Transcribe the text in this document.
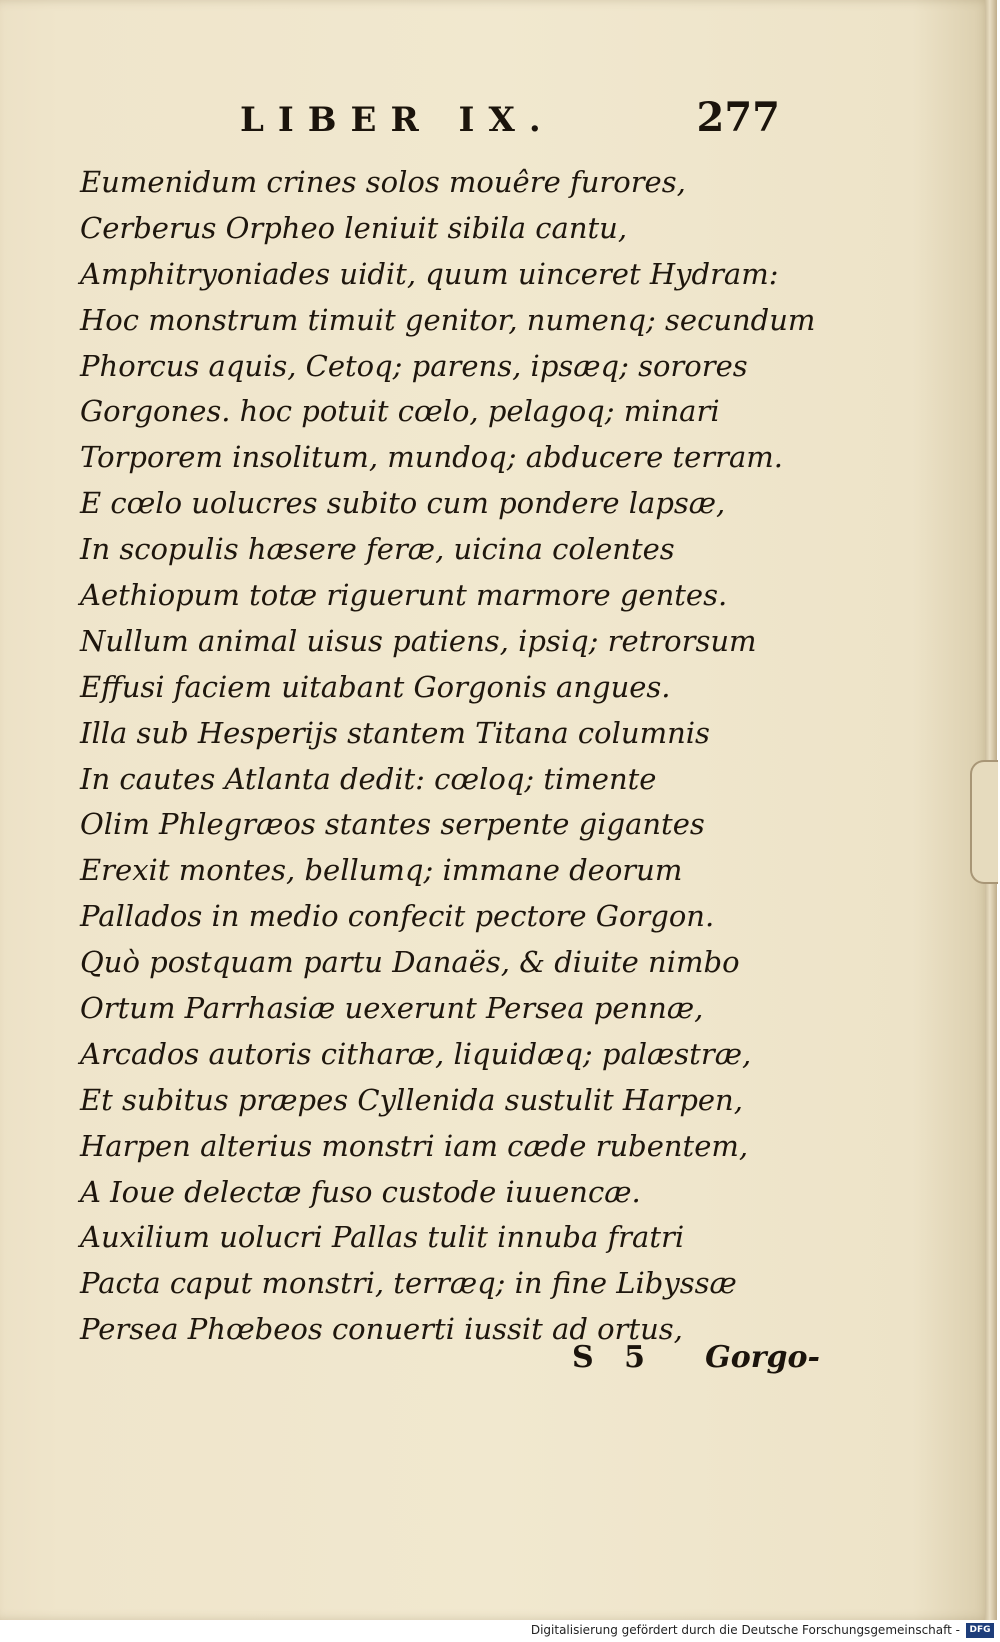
LIBER IX.	277
Eumenidum crines solos mouêre furores,
Cerberus Orpheo leniuit sibila cantu,
Amphitryoniades uidit, quum uinceret Hydram:
Hoc monstrum timuit genitor, numenq; secundum
Phorcus aquis, Cetoq; parens, ipsæq; sorores
Gorgones. hoc potuit cœlo, pelagoq; minari
Torporem insolitum, mundoq; abducere terram.
E cœlo uolucres subito cum pondere lapsæ,
In scopulis hæsere feræ, uicina colentes
Aethiopum totæ riguerunt marmore gentes.
Nullum animal uisus patiens, ipsiq; retrorsum
Effusi faciem uitabant Gorgonis angues.
Illa sub Hesperijs stantem Titana columnis
In cautes Atlanta dedit: cœloq; timente
Olim Phlegræos stantes serpente gigantes
Erexit montes, bellumq; immane deorum
Pallados in medio confecit pectore Gorgon.
Quò postquam partu Danaës, & diuite nimbo
Ortum Parrhasiæ uexerunt Persea pennæ,
Arcados autoris citharæ, liquidæq; palæstræ,
Et subitus præpes Cyllenida sustulit Harpen,
Harpen alterius monstri iam cæde rubentem,
A Ioue delectæ fuso custode iuuencæ.
Auxilium uolucri Pallas tulit innuba fratri
Pacta caput monstri, terræq; in fine Libyssæ
Persea Phœbeos conuerti iussit ad ortus,
S 5 Gorgo-
Digitalisierung gefördert durch die Deutsche Forschungsgemeinschaft -	DFG
